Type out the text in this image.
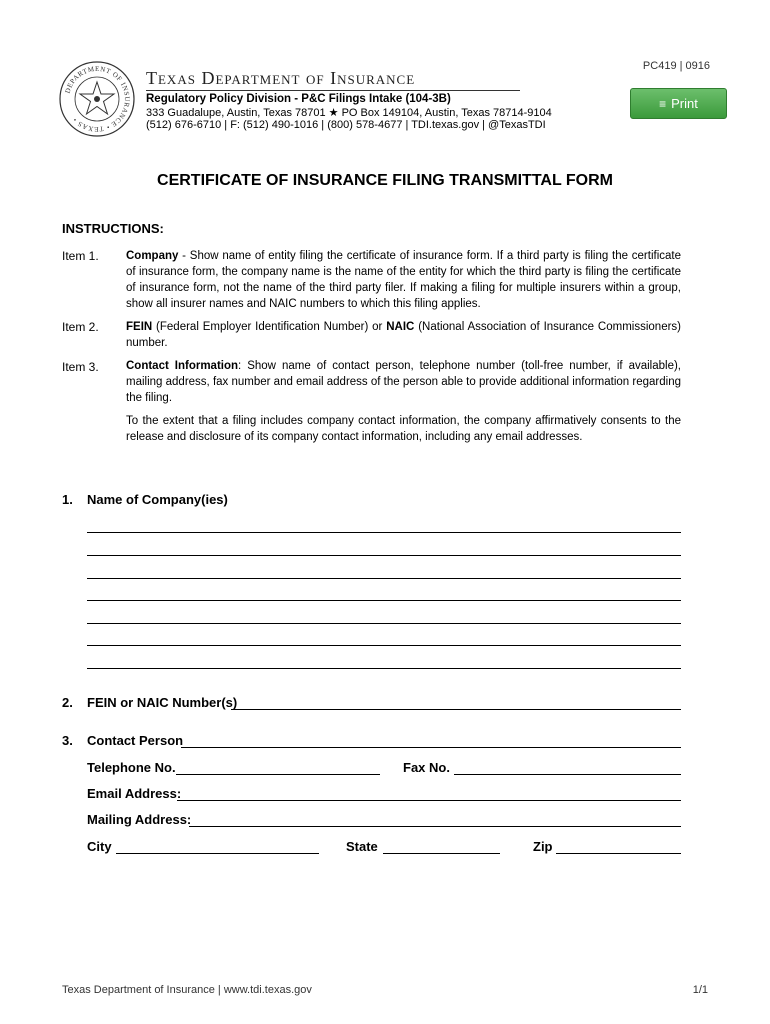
PC419 | 0916
DEPARTMENT OF INSURANCE • TEXAS •
Texas Department of Insurance
Regulatory Policy Division - P&C Filings Intake (104-3B)
333 Guadalupe, Austin, Texas 78701 ★ PO Box 149104, Austin, Texas 78714-9104
(512) 676-6710 | F: (512) 490-1016 | (800) 578-4677 | TDI.texas.gov | @TexasTDI
≡ Print
CERTIFICATE OF INSURANCE FILING TRANSMITTAL FORM
INSTRUCTIONS:
Item 1. Company - Show name of entity filing the certificate of insurance form. If a third party is filing the certificate of insurance form, the company name is the name of the entity for which the third party is filing the certificate of insurance form, not the name of the third party filer. If making a filing for multiple insurers within a group, show all insurer names and NAIC numbers to which this filing applies.
Item 2. FEIN (Federal Employer Identification Number) or NAIC (National Association of Insurance Commissioners) number.
Item 3. Contact Information: Show name of contact person, telephone number (toll-free number, if available), mailing address, fax number and email address of the person able to provide additional information regarding the filing.
To the extent that a filing includes company contact information, the company affirmatively consents to the release and disclosure of its company contact information, including any email addresses.
1. Name of Company(ies)
2. FEIN or NAIC Number(s)
3. Contact Person
Telephone No.	Fax No.
Email Address:
Mailing Address:
City	State	Zip
Texas Department of Insurance | www.tdi.texas.gov	1/1
